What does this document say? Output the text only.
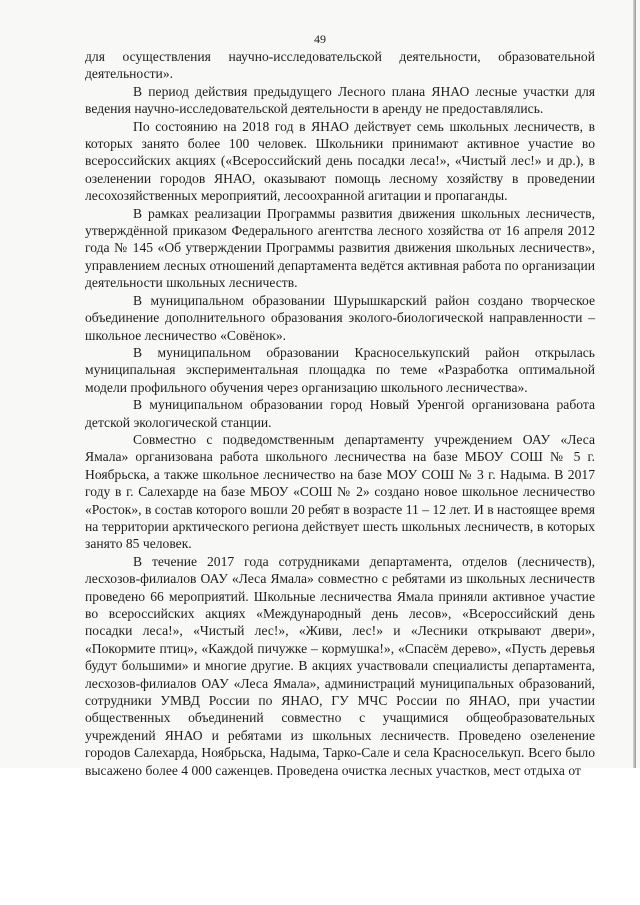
49

для осуществления научно-исследовательской деятельности, образовательной деятельности».

В период действия предыдущего Лесного плана ЯНАО лесные участки для ведения научно-исследовательской деятельности в аренду не предоставлялись.

По состоянию на 2018 год в ЯНАО действует семь школьных лесничеств, в которых занято более 100 человек. Школьники принимают активное участие во всероссийских акциях («Всероссийский день посадки леса!», «Чистый лес!» и др.), в озеленении городов ЯНАО, оказывают помощь лесному хозяйству в проведении лесохозяйственных мероприятий, лесоохранной агитации и пропаганды.

В рамках реализации Программы развития движения школьных лесничеств, утверждённой приказом Федерального агентства лесного хозяйства от 16 апреля 2012 года № 145 «Об утверждении Программы развития движения школьных лесничеств», управлением лесных отношений департамента ведётся активная работа по организации деятельности школьных лесничеств.

В муниципальном образовании Шурышкарский район создано творческое объединение дополнительного образования эколого-биологической направленности – школьное лесничество «Совёнок».

В муниципальном образовании Красноселькупский район открылась муниципальная экспериментальная площадка по теме «Разработка оптимальной модели профильного обучения через организацию школьного лесничества».

В муниципальном образовании город Новый Уренгой организована работа детской экологической станции.

Совместно с подведомственным департаменту учреждением ОАУ «Леса Ямала» организована работа школьного лесничества на базе МБОУ СОШ № 5 г. Ноябрьска, а также школьное лесничество на базе МОУ СОШ № 3 г. Надыма. В 2017 году в г. Салехарде на базе МБОУ «СОШ № 2» создано новое школьное лесничество «Росток», в состав которого вошли 20 ребят в возрасте 11 – 12 лет. И в настоящее время на территории арктического региона действует шесть школьных лесничеств, в которых занято 85 человек.

В течение 2017 года сотрудниками департамента, отделов (лесничеств), лесхозов-филиалов ОАУ «Леса Ямала» совместно с ребятами из школьных лесничеств проведено 66 мероприятий. Школьные лесничества Ямала приняли активное участие во всероссийских акциях «Международный день лесов», «Всероссийский день посадки леса!», «Чистый лес!», «Живи, лес!» и «Лесники открывают двери», «Покормите птиц», «Каждой пичужке – кормушка!», «Спасём дерево», «Пусть деревья будут большими» и многие другие. В акциях участвовали специалисты департамента, лесхозов-филиалов ОАУ «Леса Ямала», администраций муниципальных образований, сотрудники УМВД России по ЯНАО, ГУ МЧС России по ЯНАО, при участии общественных объединений совместно с учащимися общеобразовательных учреждений ЯНАО и ребятами из школьных лесничеств. Проведено озеленение городов Салехарда, Ноябрьска, Надыма, Тарко-Сале и села Красноселькуп. Всего было высажено более 4 000 саженцев. Проведена очистка лесных участков, мест отдыха от
